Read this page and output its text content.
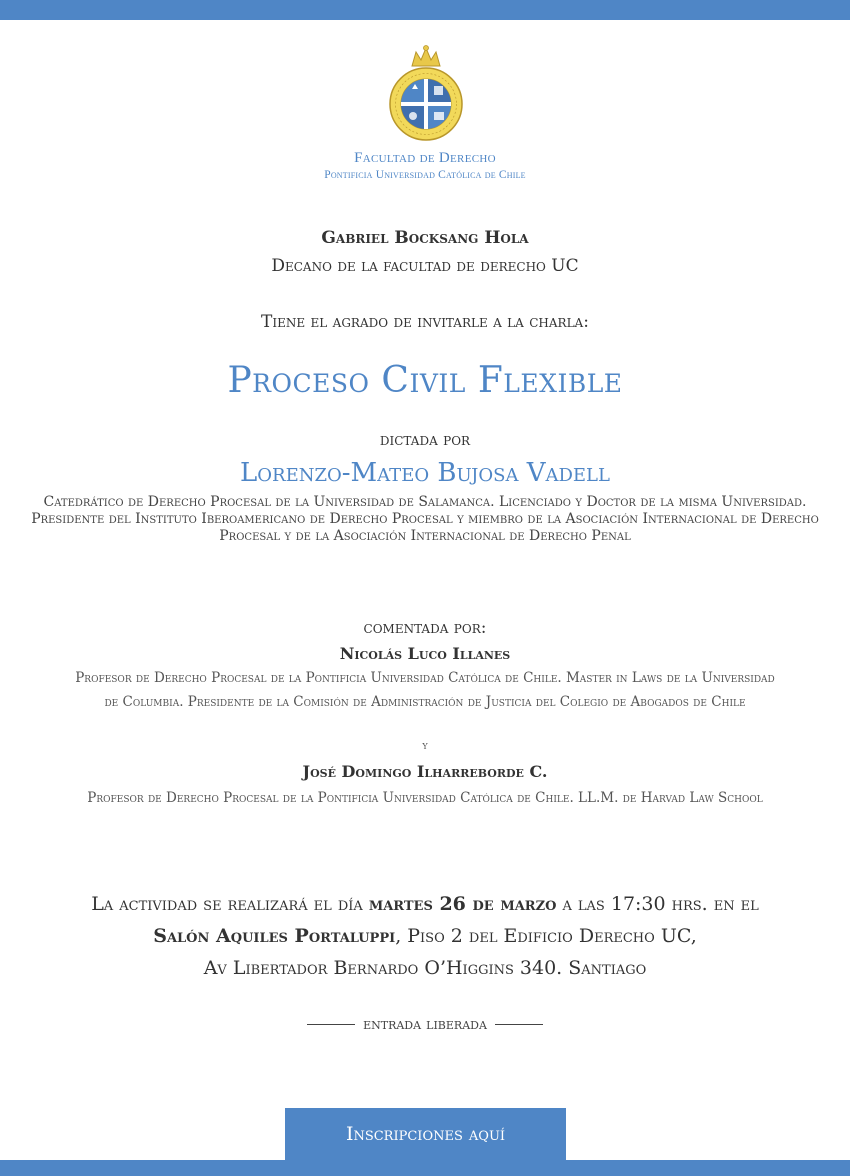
Facultad de Derecho
Pontificia Universidad Católica de Chile
Gabriel Bocksang Hola
Decano de la facultad de derecho UC
Tiene el agrado de invitarle a la charla:
Proceso Civil Flexible
dictada por
Lorenzo-Mateo Bujosa Vadell
Catedrático de Derecho Procesal de la Universidad de Salamanca. Licenciado y Doctor de la misma Universidad. Presidente del Instituto Iberoamericano de Derecho Procesal y miembro de la Asociación Internacional de Derecho Procesal y de la Asociación Internacional de Derecho Penal
comentada por:
Nicolás Luco Illanes
Profesor de Derecho Procesal de la Pontificia Universidad Católica de Chile. Master in Laws de la Universidad de Columbia. Presidente de la Comisión de Administración de Justicia del Colegio de Abogados de Chile
y
José Domingo Ilharreborde C.
Profesor de Derecho Procesal de la Pontificia Universidad Católica de Chile. LL.M. de Harvad Law School
La actividad se realizará el día martes 26 de marzo a las 17:30 hrs. en el
Salón Aquiles Portaluppi, Piso 2 del Edificio Derecho UC,
Av Libertador Bernardo O’Higgins 340. Santiago
entrada liberada
Inscripciones aquí
